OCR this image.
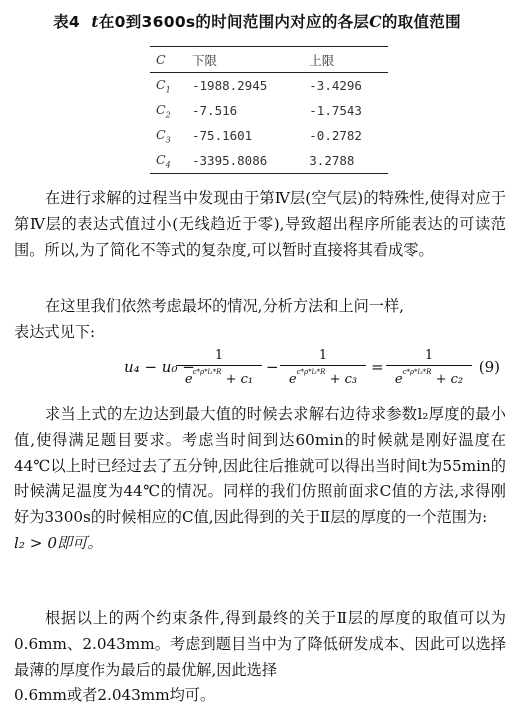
表4 t在0到3600s的时间范围内对应的各层C的取值范围
C	下限	上限
$C_1$	-1988.2945	-3.4296
$C_2$	-7.516	-1.7543
$C_3$	-75.1601	-0.2782
$C_4$	-3395.8086	3.2788

在进行求解的过程当中发现由于第Ⅳ层(空气层)的特殊性,使得对应于第Ⅳ层的表达式值过小(无线趋近于零),导致超出程序所能表达的可读范围。所以,为了简化不等式的复杂度,可以暂时直接将其看成零。

在这里我们依然考虑最坏的情况,分析方法和上问一样,
表达式见下:

u₄ − u₀ −
1
$e^{c*\rho*l_1*R} + c_1$
−
1
$e^{c*\rho*l_2*R} + c_3$
=
1
$e^{c*\rho*l_3*R} + c_2$
(9)

求当上式的左边达到最大值的时候去求解右边待求参数l₂厚度的最小值,使得满足题目要求。考虑当时间到达60min的时候就是刚好温度在44℃以上时已经过去了五分钟,因此往后推就可以得出当时间t为55min的时候满足温度为44℃的情况。同样的我们仿照前面求C值的方法,求得刚好为3300s的时候相应的C值,因此得到的关于Ⅱ层的厚度的一个范围为:
l₂ > 0即可。

根据以上的两个约束条件,得到最终的关于Ⅱ层的厚度的取值可以为0.6mm、2.043mm。考虑到题目当中为了降低研发成本、因此可以选择最薄的厚度作为最后的最优解,因此选择
0.6mm或者2.043mm均可。
